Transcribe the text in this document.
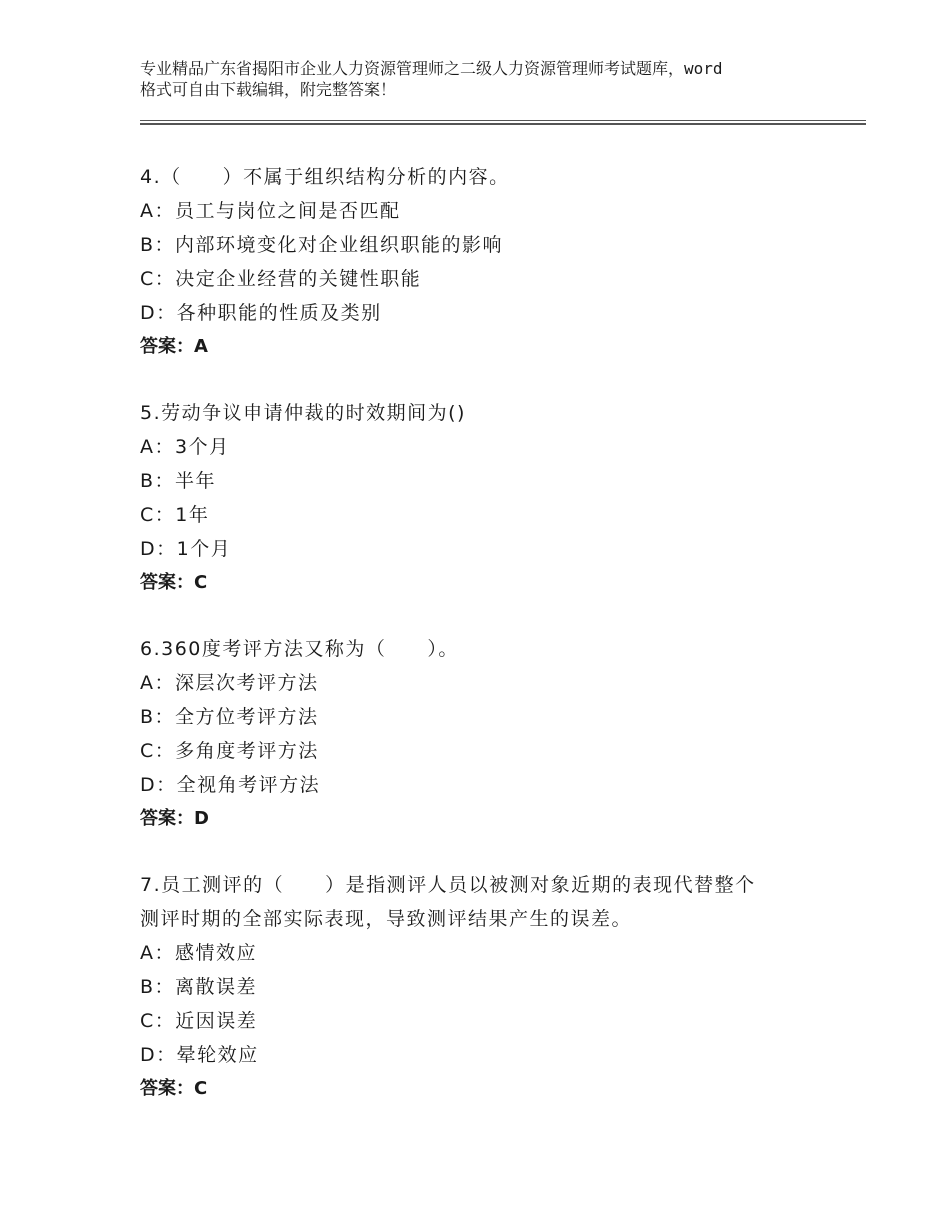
专业精品广东省揭阳市企业人力资源管理师之二级人力资源管理师考试题库，word
格式可自由下载编辑，附完整答案！
4.（　　）不属于组织结构分析的内容。
A：员工与岗位之间是否匹配
B：内部环境变化对企业组织职能的影响
C：决定企业经营的关键性职能
D：各种职能的性质及类别
答案：A
5.劳动争议申请仲裁的时效期间为()
A：3个月
B：半年
C：1年
D：1个月
答案：C
6.360度考评方法又称为（　　）。
A：深层次考评方法
B：全方位考评方法
C：多角度考评方法
D：全视角考评方法
答案：D
7.员工测评的（　　）是指测评人员以被测对象近期的表现代替整个
测评时期的全部实际表现，导致测评结果产生的误差。
A：感情效应
B：离散误差
C：近因误差
D：晕轮效应
答案：C
